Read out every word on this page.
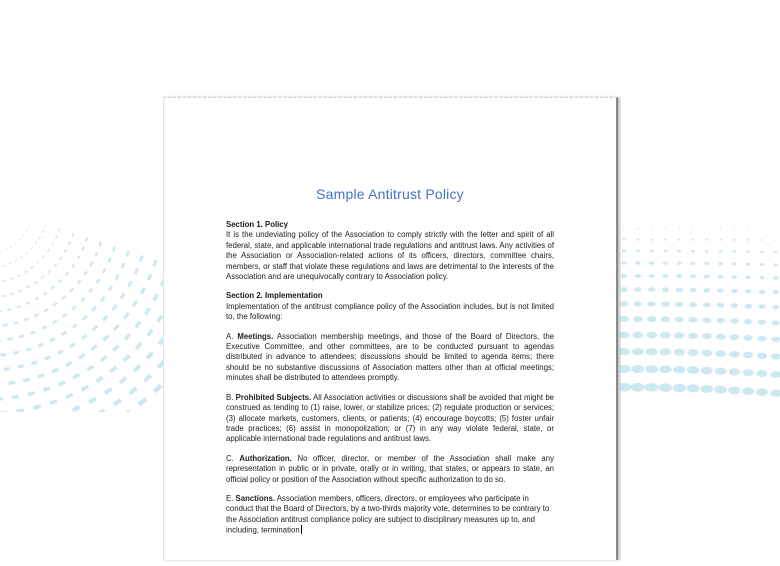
Sample Antitrust Policy
Section 1. Policy

It is the undeviating policy of the Association to comply strictly with the letter and spirit of all federal, state, and applicable international trade regulations and antitrust laws. Any activities of the Association or Association-related actions of its officers, directors, committee chairs, members, or staff that violate these regulations and laws are detrimental to the interests of the Association and are unequivocally contrary to Association policy.

Section 2. Implementation

Implementation of the antitrust compliance policy of the Association includes, but is not limited to, the following:

A. Meetings. Association membership meetings, and those of the Board of Directors, the Executive Committee, and other committees, are to be conducted pursuant to agendas distributed in advance to attendees; discussions should be limited to agenda items; there should be no substantive discussions of Association matters other than at official meetings; minutes shall be distributed to attendees promptly.

B. Prohibited Subjects. All Association activities or discussions shall be avoided that might be construed as tending to (1) raise, lower, or stabilize prices; (2) regulate production or services; (3) allocate markets, customers, clients, or patients; (4) encourage boycotts; (5) foster unfair trade practices; (6) assist in monopolization; or (7) in any way violate federal, state, or applicable international trade regulations and antitrust laws.

C. Authorization. No officer, director, or member of the Association shall make any representation in public or in private, orally or in writing, that states, or appears to state, an official policy or position of the Association without specific authorization to do so.

E. Sanctions. Association members, officers, directors, or employees who participate in conduct that the Board of Directors, by a two-thirds majority vote, determines to be contrary to the Association antitrust compliance policy are subject to disciplinary measures up to, and including, termination
